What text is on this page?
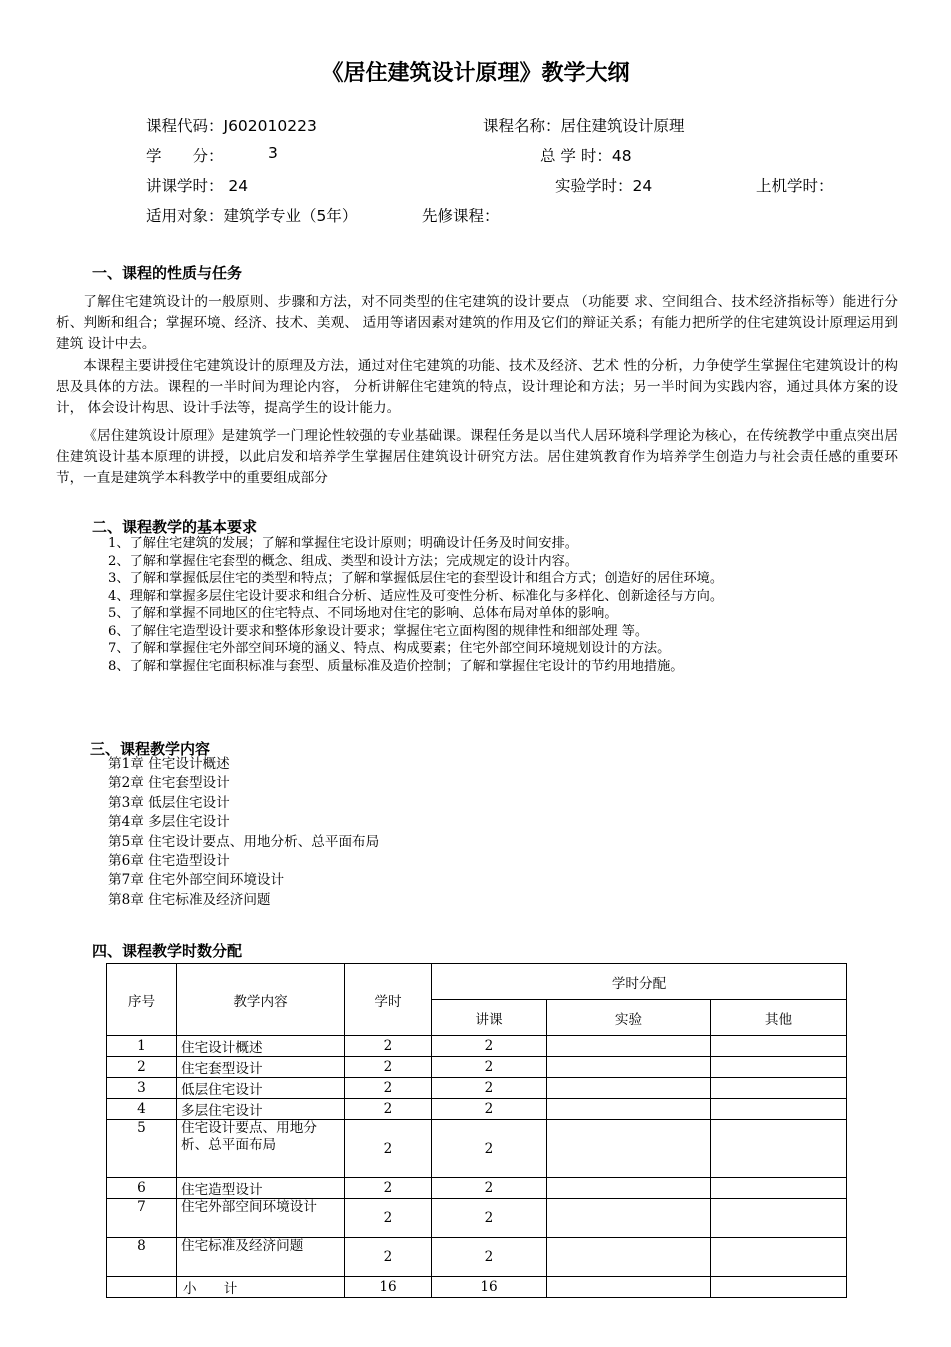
《居住建筑设计原理》教学大纲
课程代码：J602010223	课程名称：居住建筑设计原理
学　　分：	3	总 学 时：48
讲课学时： 24	实验学时：24	上机学时：
适用对象：建筑学专业（5年）	先修课程：
一、课程的性质与任务

了解住宅建筑设计的一般原则、步骤和方法，对不同类型的住宅建筑的设计要点 （功能要 求、空间组合、技术经济指标等）能进行分析、判断和组合；掌握环境、经济、技术、美观、 适用等诸因素对建筑的作用及它们的辩证关系；有能力把所学的住宅建筑设计原理运用到建筑 设计中去。

本课程主要讲授住宅建筑设计的原理及方法，通过对住宅建筑的功能、技术及经济、艺术 性的分析，力争使学生掌握住宅建筑设计的构思及具体的方法。课程的一半时间为理论内容， 分析讲解住宅建筑的特点，设计理论和方法；另一半时间为实践内容，通过具体方案的设计， 体会设计构思、设计手法等，提高学生的设计能力。

《居住建筑设计原理》是建筑学一门理论性较强的专业基础课。课程任务是以当代人居环境科学理论为核心，在传统教学中重点突出居住建筑设计基本原理的讲授，以此启发和培养学生掌握居住建筑设计研究方法。居住建筑教育作为培养学生创造力与社会责任感的重要环节，一直是建筑学本科教学中的重要组成部分

二、课程教学的基本要求
1、了解住宅建筑的发展；了解和掌握住宅设计原则；明确设计任务及时间安排。
2、了解和掌握住宅套型的概念、组成、类型和设计方法；完成规定的设计内容。
3、了解和掌握低层住宅的类型和特点；了解和掌握低层住宅的套型设计和组合方式；创造好的居住环境。
4、理解和掌握多层住宅设计要求和组合分析、适应性及可变性分析、标准化与多样化、创新途径与方向。
5、了解和掌握不同地区的住宅特点、不同场地对住宅的影响、总体布局对单体的影响。
6、了解住宅造型设计要求和整体形象设计要求；掌握住宅立面构图的规律性和细部处理 等。
7、了解和掌握住宅外部空间环境的涵义、特点、构成要素；住宅外部空间环境规划设计的方法。
8、了解和掌握住宅面积标准与套型、质量标准及造价控制；了解和掌握住宅设计的节约用地措施。
三、课程教学内容
第1章 住宅设计概述
第2章 住宅套型设计
第3章 低层住宅设计
第4章 多层住宅设计
第5章 住宅设计要点、用地分析、总平面布局
第6章 住宅造型设计
第7章 住宅外部空间环境设计
第8章 住宅标准及经济问题
四、课程教学时数分配
序号	教学内容	学时	学时分配		
			讲课	实验	其他
1	住宅设计概述	2	2		
2	住宅套型设计	2	2		
3	低层住宅设计	2	2		
4	多层住宅设计	2	2		
5	住宅设计要点、用地分 析、总平面布局	2	2		
6	住宅造型设计	2	2		
7	住宅外部空间环境设计	2	2		
8	住宅标准及经济问题	2	2		
	小　　计	16	16		
